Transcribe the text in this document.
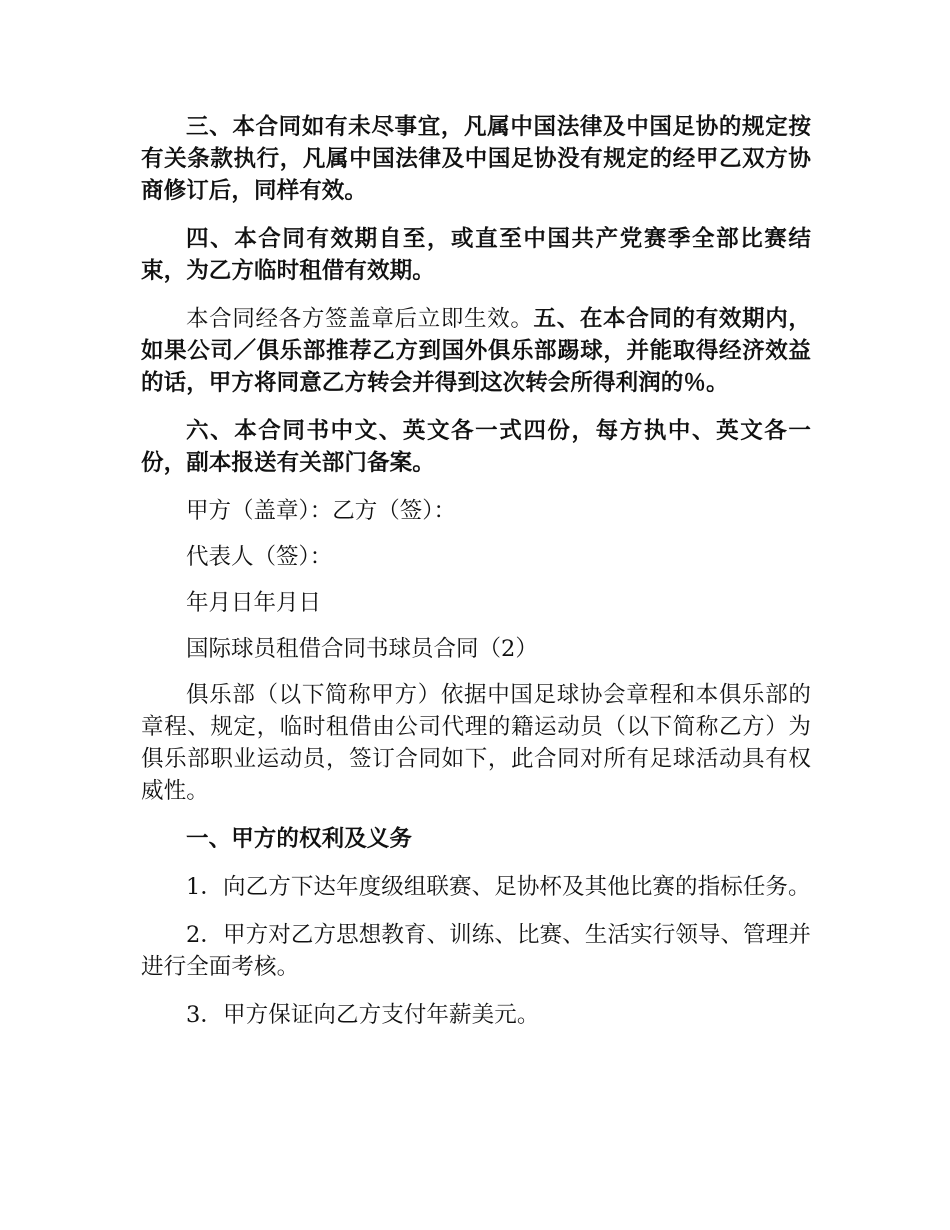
三、本合同如有未尽事宜，凡属中国法律及中国足协的规定按有关条款执行，凡属中国法律及中国足协没有规定的经甲乙双方协商修订后，同样有效。

四、本合同有效期自至，或直至中国共产党赛季全部比赛结束，为乙方临时租借有效期。

本合同经各方签盖章后立即生效。五、在本合同的有效期内，如果公司／俱乐部推荐乙方到国外俱乐部踢球，并能取得经济效益的话，甲方将同意乙方转会并得到这次转会所得利润的％。

六、本合同书中文、英文各一式四份，每方执中、英文各一份，副本报送有关部门备案。

甲方（盖章）：乙方（签）：

代表人（签）：

年月日年月日

国际球员租借合同书球员合同（2）

俱乐部（以下简称甲方）依据中国足球协会章程和本俱乐部的章程、规定，临时租借由公司代理的籍运动员（以下简称乙方）为俱乐部职业运动员，签订合同如下，此合同对所有足球活动具有权威性。

一、甲方的权利及义务

1．向乙方下达年度级组联赛、足协杯及其他比赛的指标任务。

2．甲方对乙方思想教育、训练、比赛、生活实行领导、管理并进行全面考核。

3．甲方保证向乙方支付年薪美元。
